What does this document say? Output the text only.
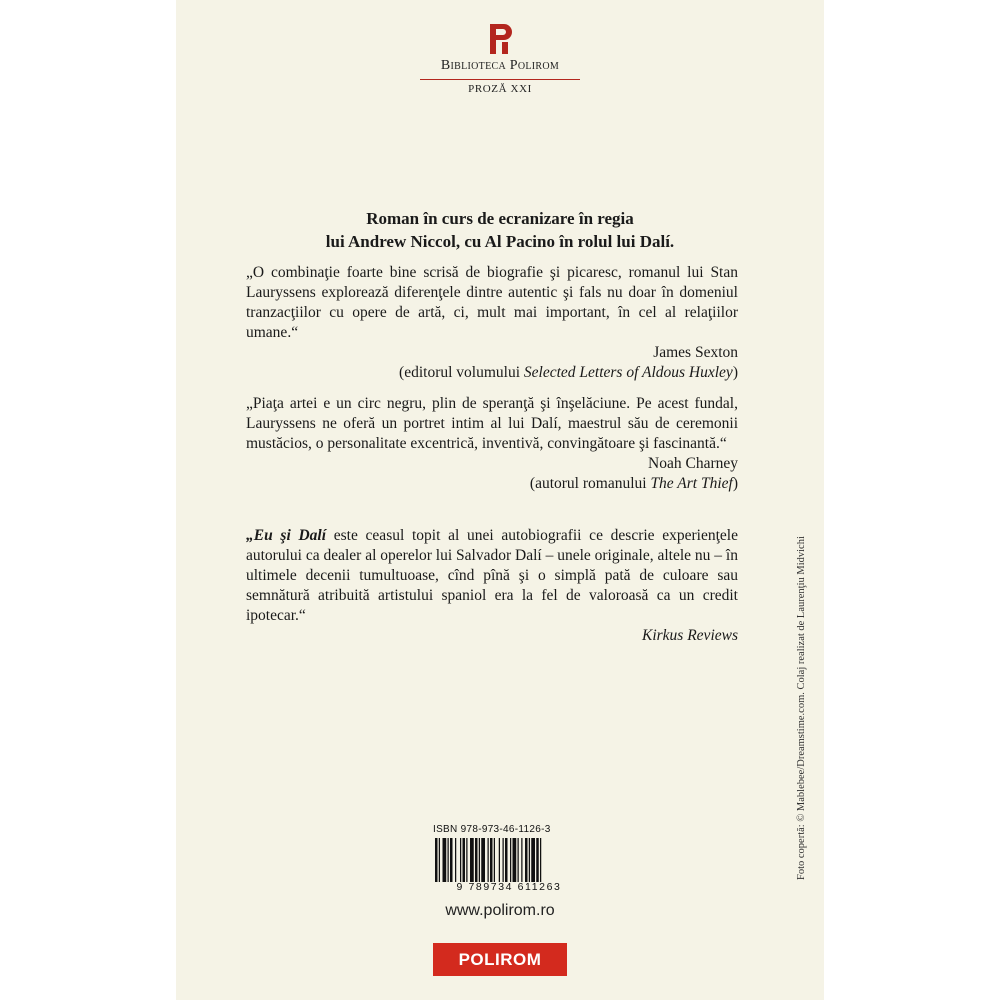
Biblioteca Polirom
PROZĂ XXI
Roman în curs de ecranizare în regia
lui Andrew Niccol, cu Al Pacino în rolul lui Dalí.

„O combinaţie foarte bine scrisă de biografie şi picaresc, romanul lui Stan Lauryssens explorează diferenţele dintre autentic şi fals nu doar în domeniul tranzacţiilor cu opere de artă, ci, mult mai important, în cel al relaţiilor umane.“

James Sexton

(editorul volumului Selected Letters of Aldous Huxley)

„Piaţa artei e un circ negru, plin de speranţă şi înşelăciune. Pe acest fundal, Lauryssens ne oferă un portret intim al lui Dalí, maestrul său de ceremonii mustăcios, o personalitate excentrică, inventivă, convingătoare şi fascinantă.“

Noah Charney

(autorul romanului The Art Thief)

„Eu şi Dalí este ceasul topit al unei autobiografii ce descrie experienţele autorului ca dealer al operelor lui Salvador Dalí – unele originale, altele nu – în ultimele decenii tumultuoase, cînd pînă şi o simplă pată de culoare sau semnătură atribuită artistului spaniol era la fel de valoroasă ca un credit ipotecar.“

Kirkus Reviews	Foto copertă: © Mablebee/Dreamstime.com. Colaj realizat de Laurenţiu Midvichi
ISBN 978-973-46-1126-3
9 789734 611263
www.polirom.ro
POLIROM
